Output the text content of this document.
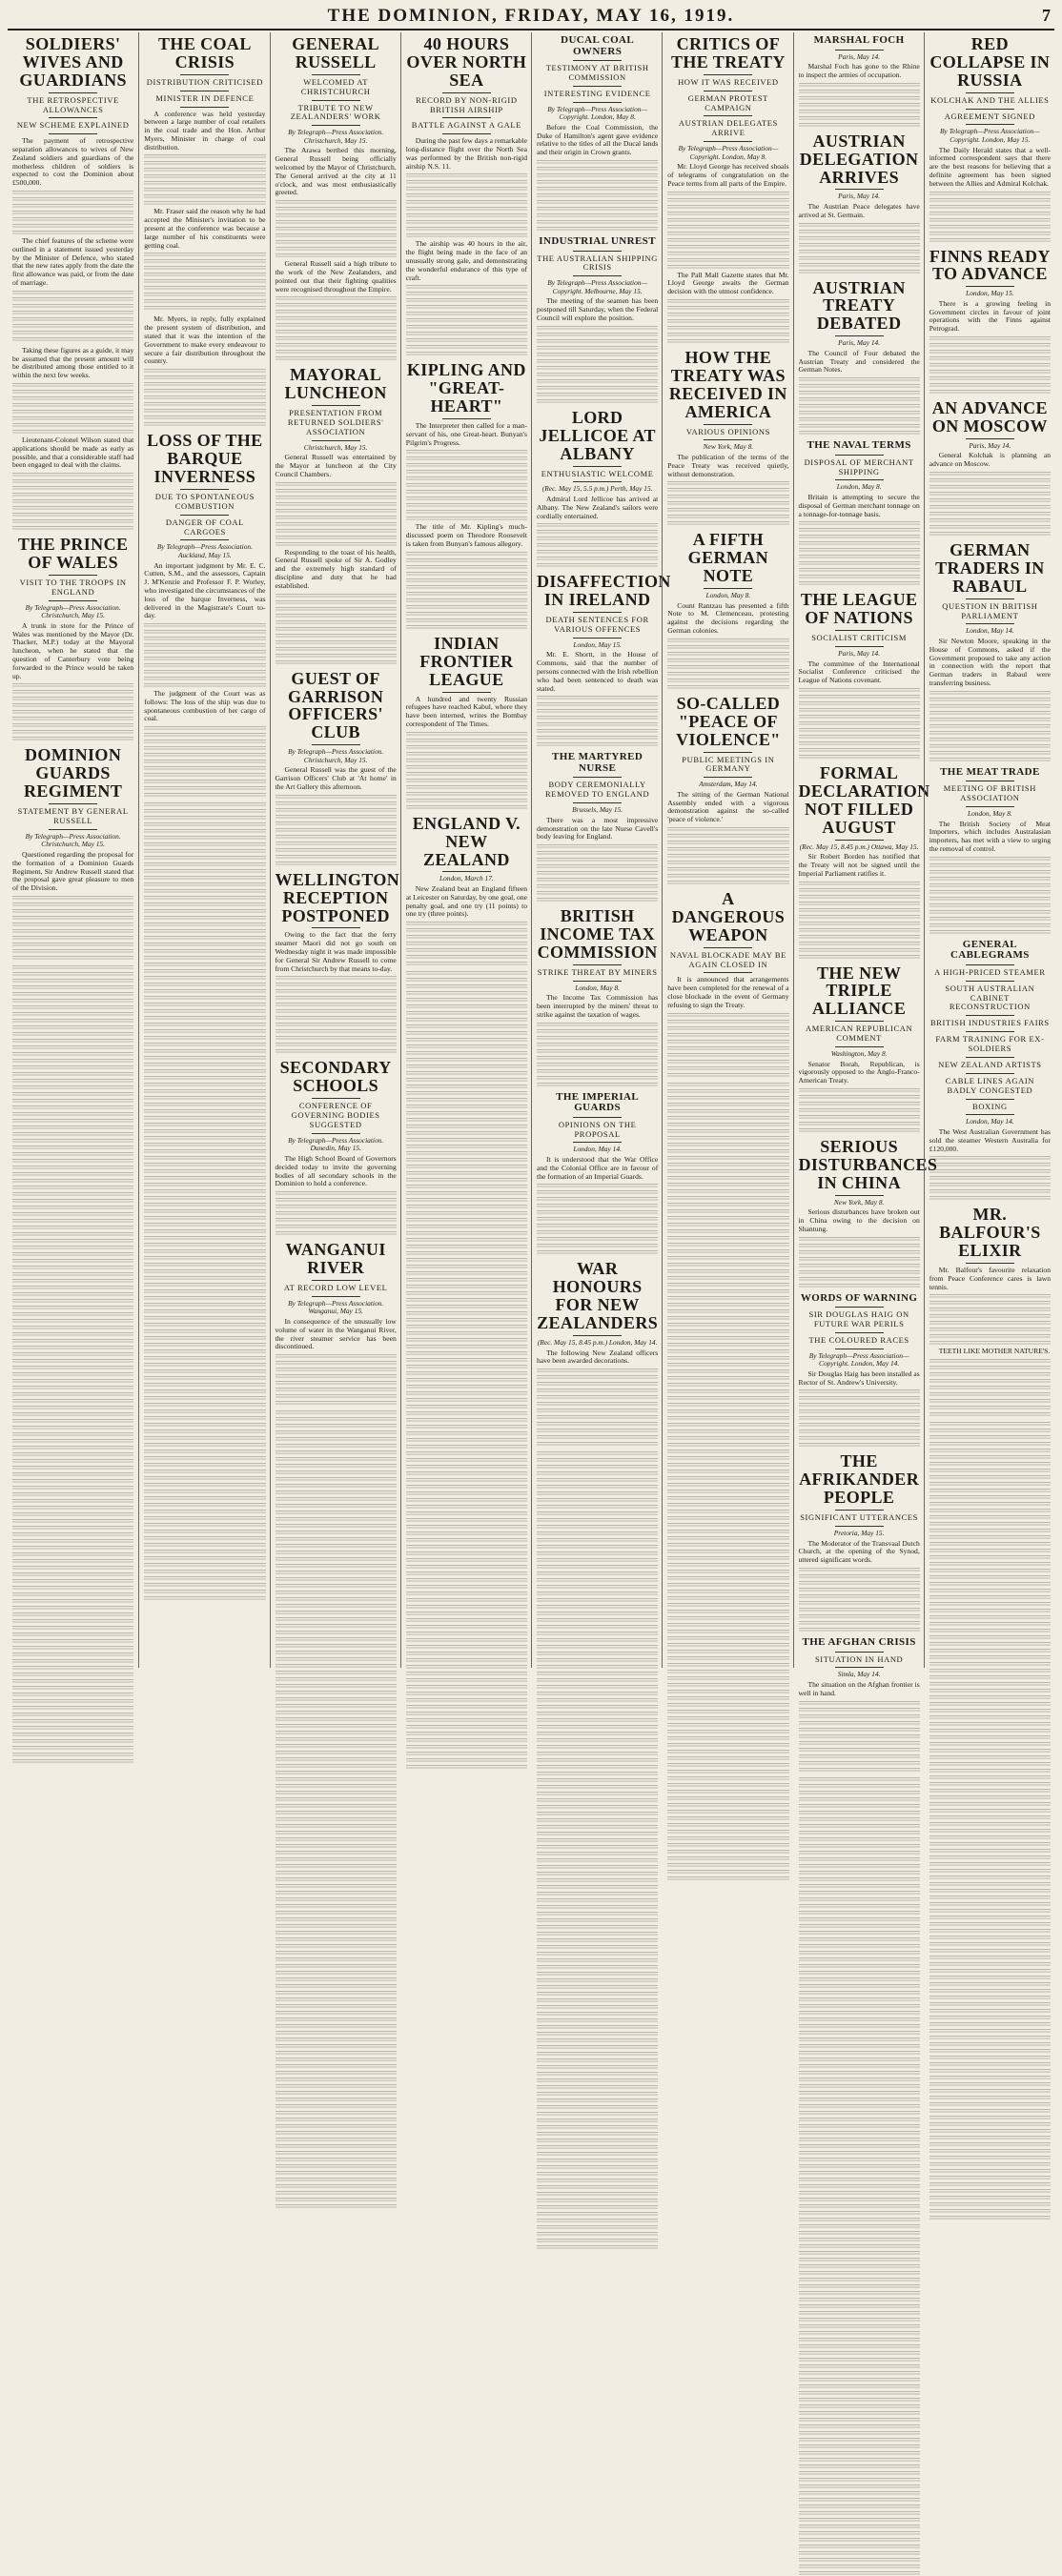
THE DOMINION, FRIDAY, MAY 16, 1919.	7
SOLDIERS' WIVES AND GUARDIANS
THE RETROSPECTIVE ALLOWANCES
NEW SCHEME EXPLAINED

The payment of retrospective separation allowances to wives of New Zealand soldiers and guardians of the motherless children of soldiers is expected to cost the Dominion about £500,000.

The chief features of the scheme were outlined in a statement issued yesterday by the Minister of Defence, who stated that the new rates apply from the date the first allowance was paid, or from the date of marriage.

Taking these figures as a guide, it may be assumed that the present amount will be distributed among those entitled to it within the next few weeks.

Lieutenant-Colonel Wilson stated that applications should be made as early as possible, and that a considerable staff had been engaged to deal with the claims.

THE PRINCE OF WALES
VISIT TO THE TROOPS IN ENGLAND
By Telegraph—Press Association. Christchurch, May 15.

A trunk in store for the Prince of Wales was mentioned by the Mayor (Dr. Thacker, M.P.) today at the Mayoral luncheon, when he stated that the question of Canterbury vote being forwarded to the Prince would be taken up.

DOMINION GUARDS REGIMENT
STATEMENT BY GENERAL RUSSELL
By Telegraph—Press Association. Christchurch, May 15.

Questioned regarding the proposal for the formation of a Dominion Guards Regiment, Sir Andrew Russell stated that the proposal gave great pleasure to men of the Division.

THE COAL CRISIS
DISTRIBUTION CRITICISED
MINISTER IN DEFENCE

A conference was held yesterday between a large number of coal retailers in the coal trade and the Hon. Arthur Myers, Minister in charge of coal distribution.

Mr. Fraser said the reason why he had accepted the Minister's invitation to be present at the conference was because a large number of his constituents were getting coal.

Mr. Myers, in reply, fully explained the present system of distribution, and stated that it was the intention of the Government to make every endeavour to secure a fair distribution throughout the country.

LOSS OF THE BARQUE INVERNESS
DUE TO SPONTANEOUS COMBUSTION
DANGER OF COAL CARGOES
By Telegraph—Press Association. Auckland, May 15.

An important judgment by Mr. E. C. Cutten, S.M., and the assessors, Captain J. M'Kenzie and Professor F. P. Worley, who investigated the circumstances of the loss of the barque Inverness, was delivered in the Magistrate's Court to-day.

The judgment of the Court was as follows: The loss of the ship was due to spontaneous combustion of her cargo of coal.

GENERAL RUSSELL
WELCOMED AT CHRISTCHURCH
TRIBUTE TO NEW ZEALANDERS' WORK
By Telegraph—Press Association. Christchurch, May 15.

The Arawa berthed this morning, General Russell being officially welcomed by the Mayor of Christchurch. The General arrived at the city at 11 o'clock, and was most enthusiastically greeted.

General Russell said a high tribute to the work of the New Zealanders, and pointed out that their fighting qualities were recognised throughout the Empire.

MAYORAL LUNCHEON
PRESENTATION FROM RETURNED SOLDIERS' ASSOCIATION
Christchurch, May 15.

General Russell was entertained by the Mayor at luncheon at the City Council Chambers.

Responding to the toast of his health, General Russell spoke of Sir A. Godley and the extremely high standard of discipline and duty that he had established.

GUEST OF GARRISON OFFICERS' CLUB
By Telegraph—Press Association. Christchurch, May 15.

General Russell was the guest of the Garrison Officers' Club at 'At home' in the Art Gallery this afternoon.

WELLINGTON RECEPTION POSTPONED

Owing to the fact that the ferry steamer Maori did not go south on Wednesday night it was made impossible for General Sir Andrew Russell to come from Christchurch by that means to-day.

SECONDARY SCHOOLS
CONFERENCE OF GOVERNING BODIES SUGGESTED
By Telegraph—Press Association. Dunedin, May 15.

The High School Board of Governors decided today to invite the governing bodies of all secondary schools in the Dominion to hold a conference.

WANGANUI RIVER
AT RECORD LOW LEVEL
By Telegraph—Press Association. Wanganui, May 15.

In consequence of the unusually low volume of water in the Wanganui River, the river steamer service has been discontinued.

40 HOURS OVER NORTH SEA
RECORD BY NON-RIGID BRITISH AIRSHIP
BATTLE AGAINST A GALE

During the past few days a remarkable long-distance flight over the North Sea was performed by the British non-rigid airship N.S. 11.

The airship was 40 hours in the air, the flight being made in the face of an unusually strong gale, and demonstrating the wonderful endurance of this type of craft.

KIPLING AND "GREAT-HEART"

The Interpreter then called for a man-servant of his, one Great-heart. Bunyan's Pilgrim's Progress.

The title of Mr. Kipling's much-discussed poem on Theodore Roosevelt is taken from Bunyan's famous allegory.

INDIAN FRONTIER LEAGUE

A hundred and twenty Russian refugees have reached Kabul, where they have been interned, writes the Bombay correspondent of The Times.

ENGLAND V. NEW ZEALAND
London, March 17.

New Zealand beat an England fifteen at Leicester on Saturday, by one goal, one penalty goal, and one try (11 points) to one try (three points).

DUCAL COAL OWNERS
TESTIMONY AT BRITISH COMMISSION
INTERESTING EVIDENCE
By Telegraph—Press Association—Copyright. London, May 8.

Before the Coal Commission, the Duke of Hamilton's agent gave evidence relative to the titles of all the Ducal lands and their origin in Crown grants.

INDUSTRIAL UNREST
THE AUSTRALIAN SHIPPING CRISIS
By Telegraph—Press Association—Copyright. Melbourne, May 15.

The meeting of the seamen has been postponed till Saturday, when the Federal Council will explore the position.

LORD JELLICOE AT ALBANY
ENTHUSIASTIC WELCOME
(Rec. May 15, 5.5 p.m.) Perth, May 15.

Admiral Lord Jellicoe has arrived at Albany. The New Zealand's sailors were cordially entertained.

DISAFFECTION IN IRELAND
DEATH SENTENCES FOR VARIOUS OFFENCES
London, May 15.

Mr. E. Shortt, in the House of Commons, said that the number of persons connected with the Irish rebellion who had been sentenced to death was stated.

THE MARTYRED NURSE
BODY CEREMONIALLY REMOVED TO ENGLAND
Brussels, May 15.

There was a most impressive demonstration on the late Nurse Cavell's body leaving for England.

BRITISH INCOME TAX COMMISSION
STRIKE THREAT BY MINERS
London, May 8.

The Income Tax Commission has been interrupted by the miners' threat to strike against the taxation of wages.

THE IMPERIAL GUARDS
OPINIONS ON THE PROPOSAL
London, May 14.

It is understood that the War Office and the Colonial Office are in favour of the formation of an Imperial Guards.

WAR HONOURS FOR NEW ZEALANDERS
(Rec. May 15, 8.45 p.m.) London, May 14.

The following New Zealand officers have been awarded decorations.

CRITICS OF THE TREATY
HOW IT WAS RECEIVED
GERMAN PROTEST CAMPAIGN
AUSTRIAN DELEGATES ARRIVE
By Telegraph—Press Association—Copyright. London, May 8.

Mr. Lloyd George has received shoals of telegrams of congratulation on the Peace terms from all parts of the Empire.

The Pall Mall Gazette states that Mr. Lloyd George awaits the German decision with the utmost confidence.

HOW THE TREATY WAS RECEIVED IN AMERICA
VARIOUS OPINIONS
New York, May 8.

The publication of the terms of the Peace Treaty was received quietly, without demonstration.

A FIFTH GERMAN NOTE
London, May 8.

Count Rantzau has presented a fifth Note to M. Clemenceau, protesting against the decisions regarding the German colonies.

SO-CALLED "PEACE OF VIOLENCE"
PUBLIC MEETINGS IN GERMANY
Amsterdam, May 14.

The sitting of the German National Assembly ended with a vigorous demonstration against the so-called 'peace of violence.'

A DANGEROUS WEAPON
NAVAL BLOCKADE MAY BE AGAIN CLOSED IN

It is announced that arrangements have been completed for the renewal of a close blockade in the event of Germany refusing to sign the Treaty.

MARSHAL FOCH
Paris, May 14.

Marshal Foch has gone to the Rhine to inspect the armies of occupation.

AUSTRIAN DELEGATION ARRIVES
Paris, May 14.

The Austrian Peace delegates have arrived at St. Germain.

AUSTRIAN TREATY DEBATED
Paris, May 14.

The Council of Four debated the Austrian Treaty and considered the German Notes.

THE NAVAL TERMS
DISPOSAL OF MERCHANT SHIPPING
London, May 8.

Britain is attempting to secure the disposal of German merchant tonnage on a tonnage-for-tonnage basis.

THE LEAGUE OF NATIONS
SOCIALIST CRITICISM
Paris, May 14.

The committee of the International Socialist Conference criticised the League of Nations covenant.

FORMAL DECLARATION NOT FILLED AUGUST
(Rec. May 15, 8.45 p.m.) Ottawa, May 15.

Sir Robert Borden has notified that the Treaty will not be signed until the Imperial Parliament ratifies it.

THE NEW TRIPLE ALLIANCE
AMERICAN REPUBLICAN COMMENT
Washington, May 8.

Senator Borah, Republican, is vigorously opposed to the Anglo-Franco-American Treaty.

SERIOUS DISTURBANCES IN CHINA
New York, May 8.

Serious disturbances have broken out in China owing to the decision on Shantung.

WORDS OF WARNING
SIR DOUGLAS HAIG ON FUTURE WAR PERILS
THE COLOURED RACES
By Telegraph—Press Association—Copyright. London, May 14.

Sir Douglas Haig has been installed as Rector of St. Andrew's University.

THE AFRIKANDER PEOPLE
SIGNIFICANT UTTERANCES
Pretoria, May 15.

The Moderator of the Transvaal Dutch Church, at the opening of the Synod, uttered significant words.

THE AFGHAN CRISIS
SITUATION IN HAND
Simla, May 14.

The situation on the Afghan frontier is well in hand.

RED COLLAPSE IN RUSSIA
KOLCHAK AND THE ALLIES
AGREEMENT SIGNED
By Telegraph—Press Association—Copyright. London, May 15.

The Daily Herald states that a well-informed correspondent says that there are the best reasons for believing that a definite agreement has been signed between the Allies and Admiral Kolchak.

FINNS READY TO ADVANCE
London, May 15.

There is a growing feeling in Government circles in favour of joint operations with the Finns against Petrograd.

AN ADVANCE ON MOSCOW
Paris, May 14.

General Kolchak is planning an advance on Moscow.

GERMAN TRADERS IN RABAUL
QUESTION IN BRITISH PARLIAMENT
London, May 14.

Sir Newton Moore, speaking in the House of Commons, asked if the Government proposed to take any action in connection with the report that German traders in Rabaul were transferring business.

THE MEAT TRADE
MEETING OF BRITISH ASSOCIATION
London, May 8.

The British Society of Meat Importers, which includes Australasian importers, has met with a view to urging the removal of control.

GENERAL CABLEGRAMS
A HIGH-PRICED STEAMER
SOUTH AUSTRALIAN CABINET RECONSTRUCTION
BRITISH INDUSTRIES FAIRS
FARM TRAINING FOR EX-SOLDIERS
NEW ZEALAND ARTISTS
CABLE LINES AGAIN BADLY CONGESTED
BOXING
London, May 14.

The West Australian Government has sold the steamer Western Australia for £120,000.

MR. BALFOUR'S ELIXIR

Mr. Balfour's favourite relaxation from Peace Conference cares is lawn tennis.

TEETH LIKE MOTHER NATURE'S.
